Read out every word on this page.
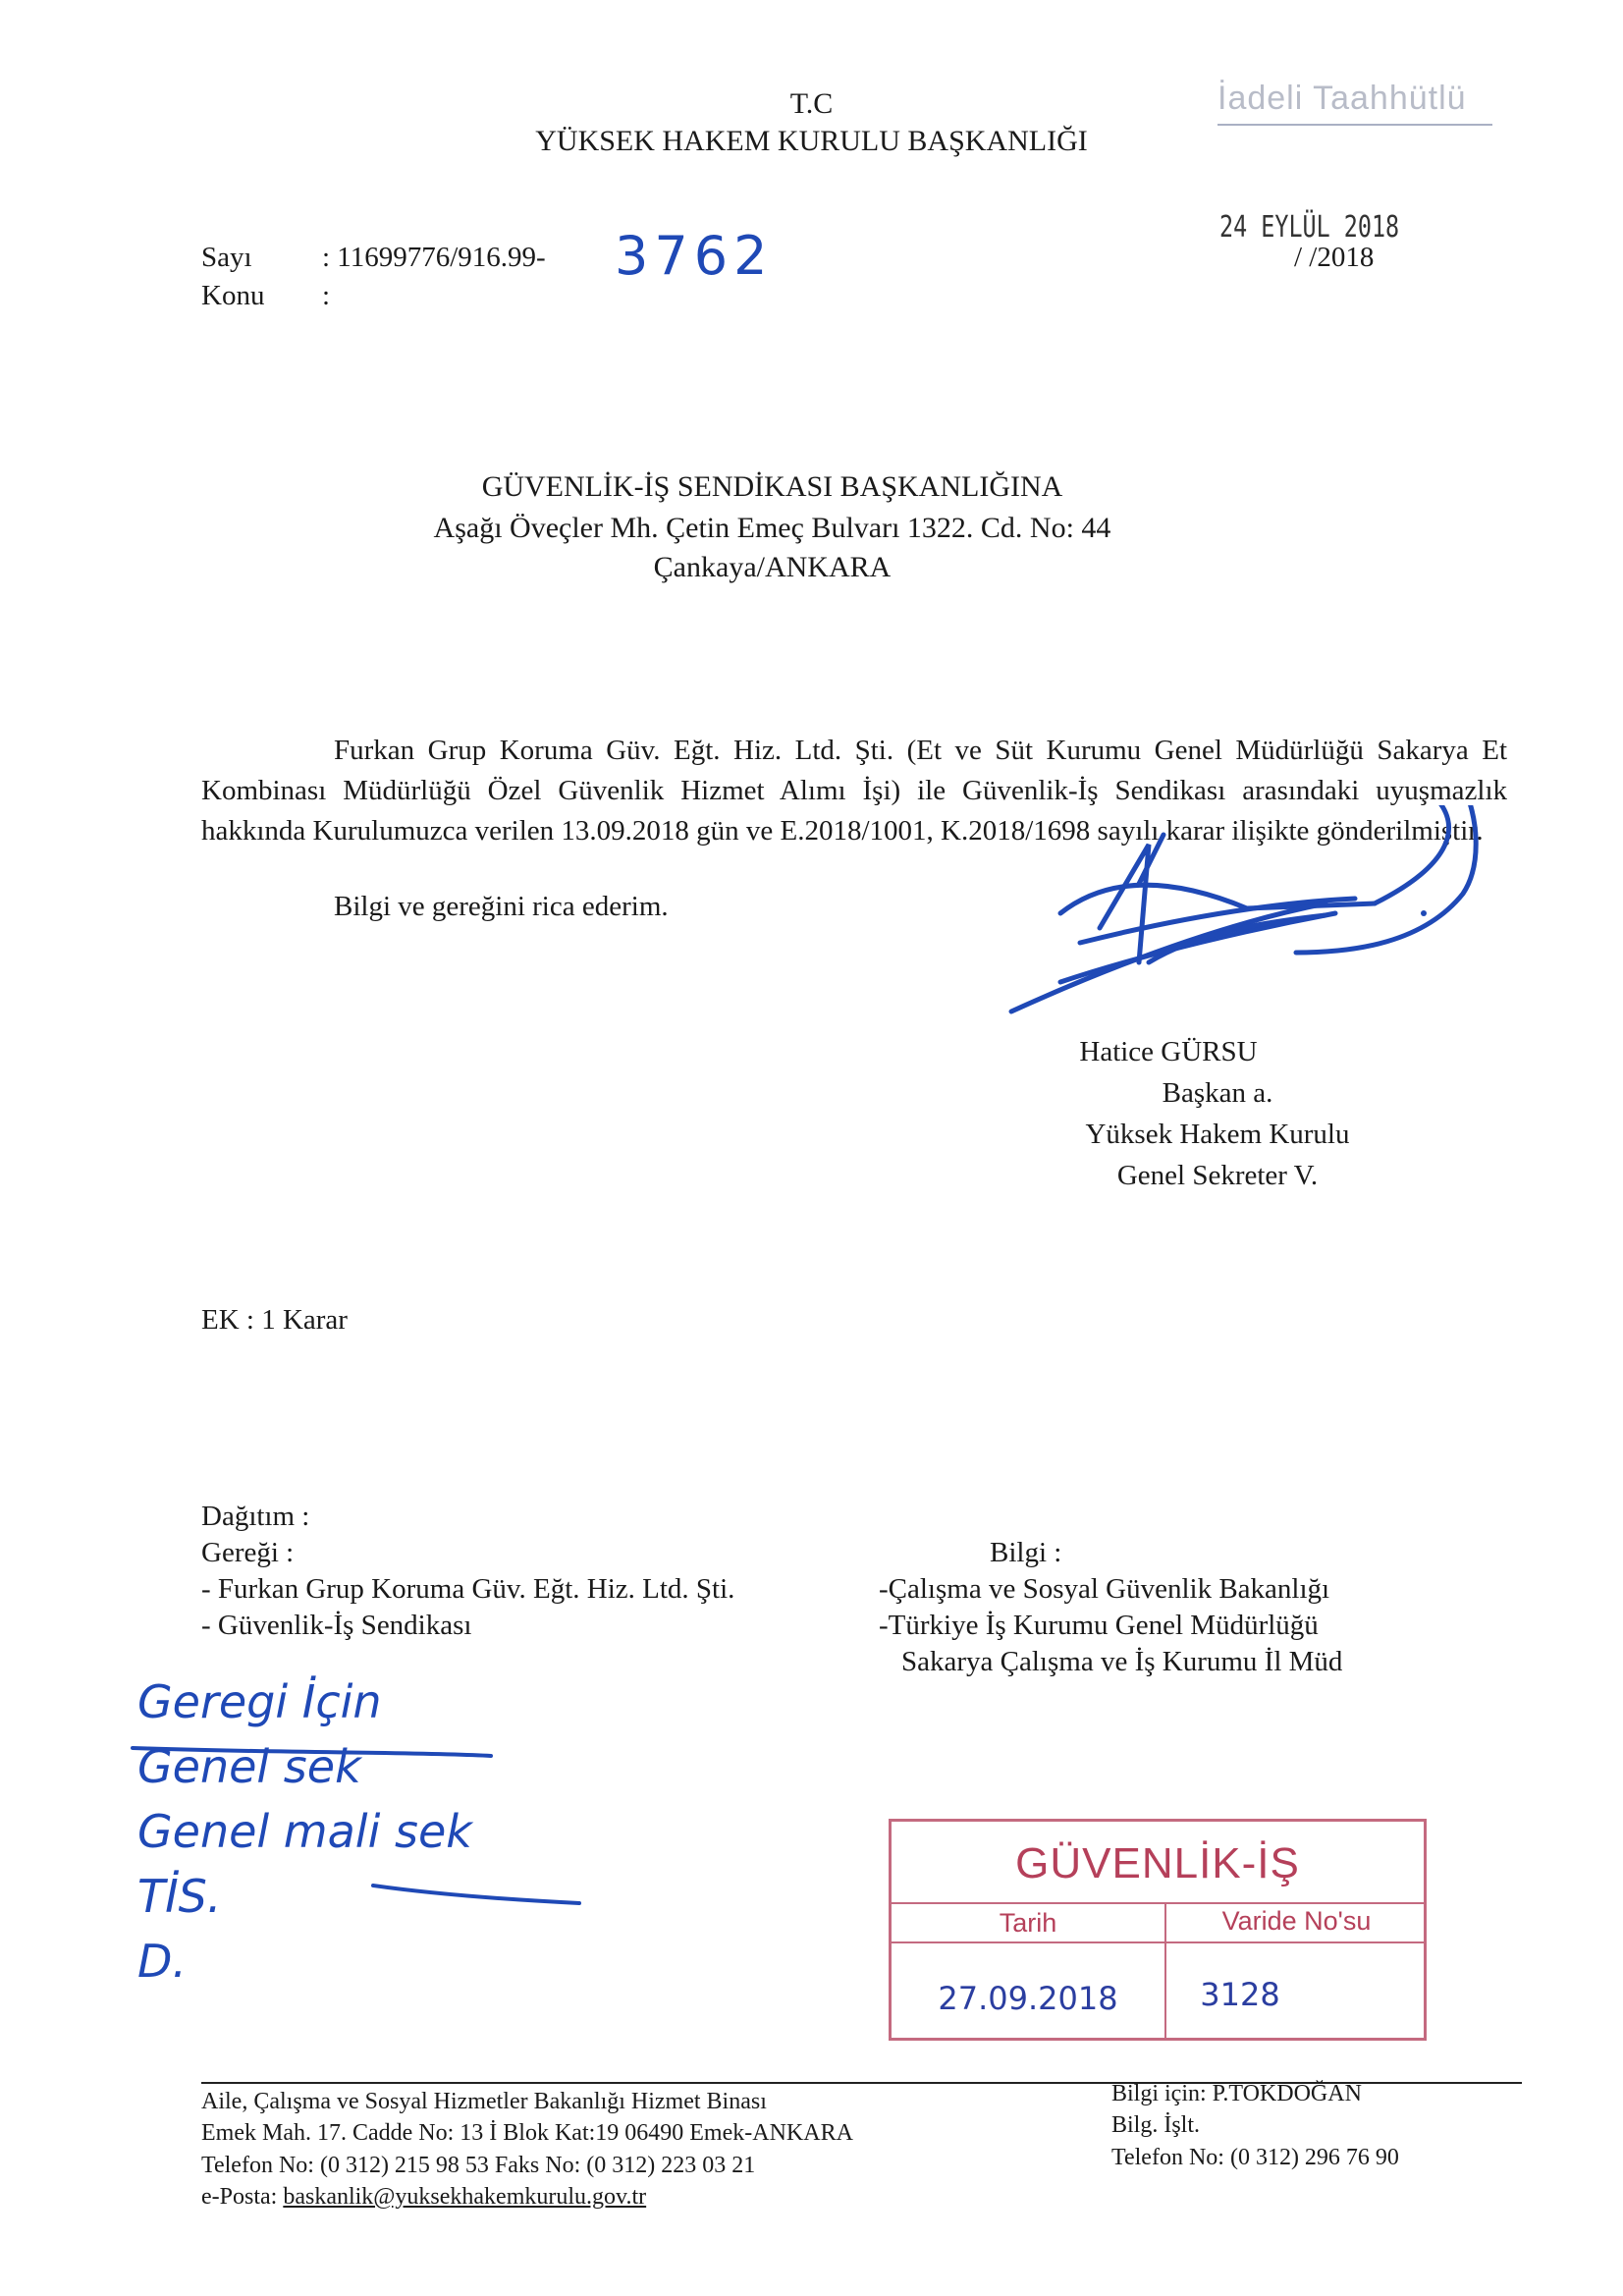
İadeli Taahhütlü
T.C
YÜKSEK HAKEM KURULU BAŞKANLIĞI
Sayı : 11699776/916.99- 3762
Konu :
24 EYLÜL 2018
/ /2018
GÜVENLİK-İŞ SENDİKASI BAŞKANLIĞINA
Aşağı Öveçler Mh. Çetin Emeç Bulvarı 1322. Cd. No: 44
Çankaya/ANKARA
Furkan Grup Koruma Güv. Eğt. Hiz. Ltd. Şti. (Et ve Süt Kurumu Genel Müdürlüğü Sakarya Et Kombinası Müdürlüğü Özel Güvenlik Hizmet Alımı İşi) ile Güvenlik-İş Sendikası arasındaki uyuşmazlık hakkında Kurulumuzca verilen 13.09.2018 gün ve E.2018/1001, K.2018/1698 sayılı karar ilişikte gönderilmiştir.
Bilgi ve gereğini rica ederim.
Hatice GÜRSU
Başkan a.
Yüksek Hakem Kurulu
Genel Sekreter V.
EK : 1 Karar
Dağıtım :
Gereği :
- Furkan Grup Koruma Güv. Eğt. Hiz. Ltd. Şti.
- Güvenlik-İş Sendikası
Bilgi :
-Çalışma ve Sosyal Güvenlik Bakanlığı
-Türkiye İş Kurumu Genel Müdürlüğü
Sakarya Çalışma ve İş Kurumu İl Müd
Geregi İçin
Genel sek
Genel mali sek
TİS.
D.
GÜVENLİK-İŞ
Tarih	Varide No'su
27.09.2018	3128
Aile, Çalışma ve Sosyal Hizmetler Bakanlığı Hizmet Binası
Emek Mah. 17. Cadde No: 13 İ Blok Kat:19 06490 Emek-ANKARA
Telefon No: (0 312) 215 98 53 Faks No: (0 312) 223 03 21
e-Posta: baskanlik@yuksekhakemkurulu.gov.tr
Bilgi için: P.TOKDOĞAN
Bilg. İşlt.
Telefon No: (0 312) 296 76 90
